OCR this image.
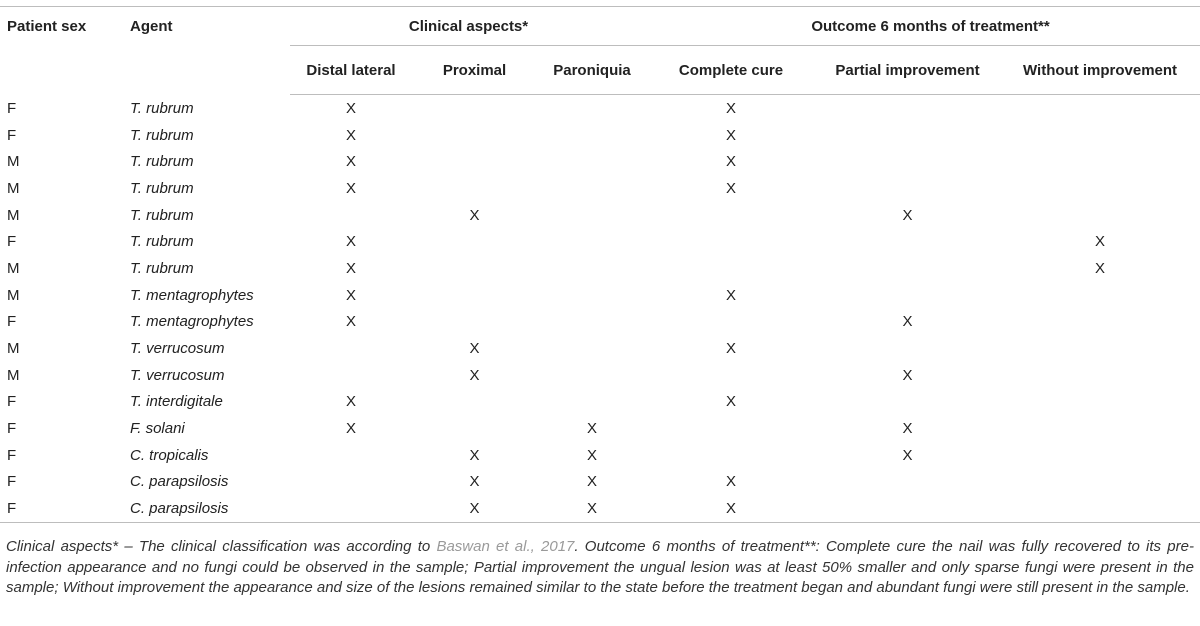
Patient sex	Agent	Clinical aspects*			Outcome 6 months of treatment**		
		Distal lateral	Proximal	Paroniquia	Complete cure	Partial improvement	Without improvement
F	T. rubrum	X			X		
F	T. rubrum	X			X		
M	T. rubrum	X			X		
M	T. rubrum	X			X		
M	T. rubrum		X			X	
F	T. rubrum	X					X
M	T. rubrum	X					X
M	T. mentagrophytes	X			X		
F	T. mentagrophytes	X				X	
M	T. verrucosum		X		X		
M	T. verrucosum		X			X	
F	T. interdigitale	X			X		
F	F. solani	X		X		X	
F	C. tropicalis		X	X		X	
F	C. parapsilosis		X	X	X		
F	C. parapsilosis		X	X	X		
Clinical aspects* – The clinical classification was according to Baswan et al., 2017. Outcome 6 months of treatment**: Complete cure the nail was fully recovered to its pre-infection appearance and no fungi could be observed in the sample; Partial improvement the ungual lesion was at least 50% smaller and only sparse fungi were present in the sample; Without improvement the appearance and size of the lesions remained similar to the state before the treatment began and abundant fungi were still present in the sample.
